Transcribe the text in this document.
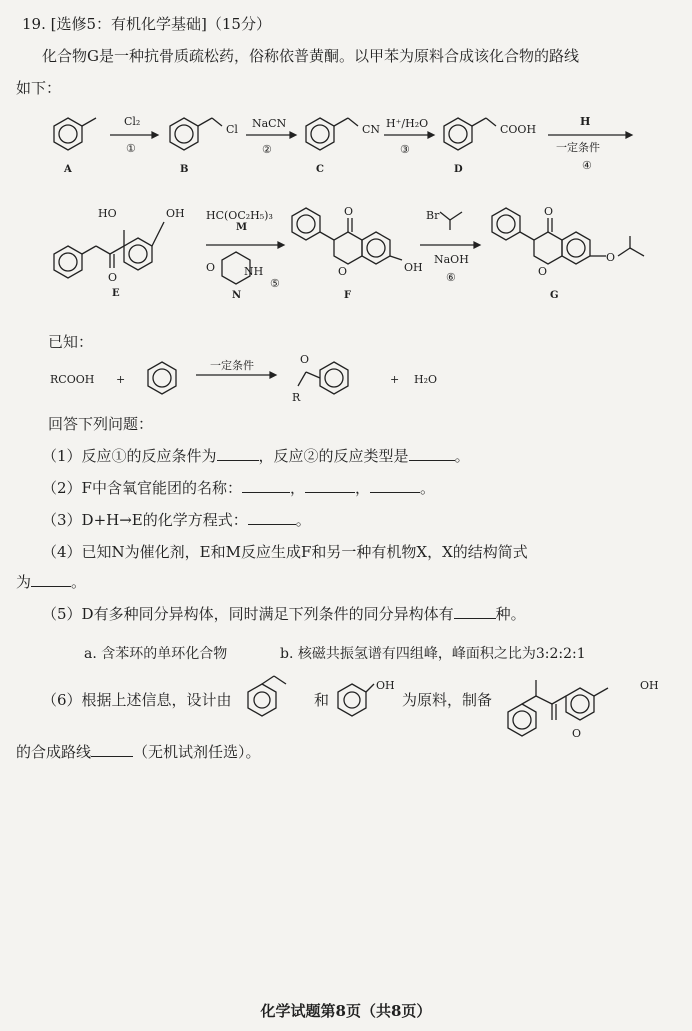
19. [选修5：有机化学基础]（15分）
化合物G是一种抗骨质疏松药，俗称依普黄酮。以甲苯为原料合成该化合物的路线
如下：
A
Cl₂
①
Cl
B
NaCN
②
CN
C
H⁺/H₂O
③
COOH
D
H
一定条件
④
HO	OH
O
E
HC(OC₂H₅)₃
M
NH
O
N
⑤
O
O	OH
F
Br
NaOH
⑥
O
O
O
G
已知：
RCOOH +
一定条件	O
R
+ H₂O
回答下列问题：
（1）反应①的反应条件为	，反应②的反应类型是	。
（2）F中含氧官能团的名称：	，	，	。
（3）D+H→E的化学方程式：	。
（4）已知N为催化剂，E和M反应生成F和另一种有机物X，X的结构简式
为	。
（5）D有多种同分异构体，同时满足下列条件的同分异构体有	种。
a. 含苯环的单环化合物	b. 核磁共振氢谱有四组峰，峰面积之比为3:2:2:1
（6）根据上述信息，设计由	和
OH
为原料，制备
O
OH
的合成路线	（无机试剂任选）。
化学试题第8页（共8页）
